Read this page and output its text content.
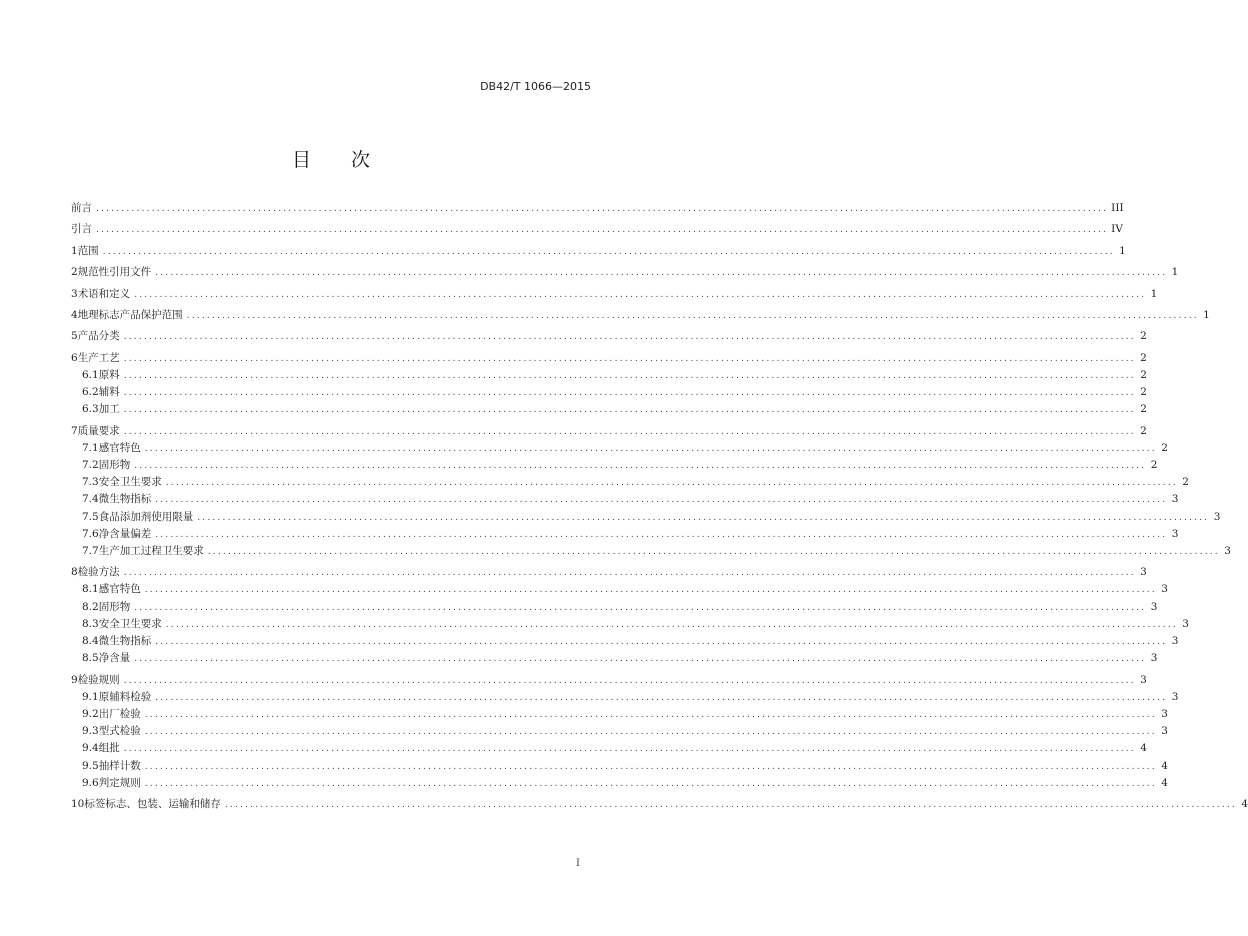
DB42/T 1066—2015
目次
前言 ........................................................................................................................................................................................................ III
引言 ........................................................................................................................................................................................................ IV
1 范围 ........................................................................................................................................................................................................ 1
2 规范性引用文件 ........................................................................................................................................................................................................ 1
3 术语和定义 ........................................................................................................................................................................................................ 1
4 地理标志产品保护范围 ........................................................................................................................................................................................................ 1
5 产品分类 ........................................................................................................................................................................................................ 2
6 生产工艺 ........................................................................................................................................................................................................ 2
6.1 原料 ........................................................................................................................................................................................................ 2
6.2 辅料 ........................................................................................................................................................................................................ 2
6.3 加工 ........................................................................................................................................................................................................ 2
7 质量要求 ........................................................................................................................................................................................................ 2
7.1 感官特色 ........................................................................................................................................................................................................ 2
7.2 固形物 ........................................................................................................................................................................................................ 2
7.3 安全卫生要求 ........................................................................................................................................................................................................ 2
7.4 微生物指标 ........................................................................................................................................................................................................ 3
7.5 食品添加剂使用限量 ........................................................................................................................................................................................................ 3
7.6 净含量偏差 ........................................................................................................................................................................................................ 3
7.7 生产加工过程卫生要求 ........................................................................................................................................................................................................ 3
8 检验方法 ........................................................................................................................................................................................................ 3
8.1 感官特色 ........................................................................................................................................................................................................ 3
8.2 固形物 ........................................................................................................................................................................................................ 3
8.3 安全卫生要求 ........................................................................................................................................................................................................ 3
8.4 微生物指标 ........................................................................................................................................................................................................ 3
8.5 净含量 ........................................................................................................................................................................................................ 3
9 检验规则 ........................................................................................................................................................................................................ 3
9.1 原辅料检验 ........................................................................................................................................................................................................ 3
9.2 出厂检验 ........................................................................................................................................................................................................ 3
9.3 型式检验 ........................................................................................................................................................................................................ 3
9.4 组批 ........................................................................................................................................................................................................ 4
9.5 抽样计数 ........................................................................................................................................................................................................ 4
9.6 判定规则 ........................................................................................................................................................................................................ 4
10 标签标志、包装、运输和储存 ........................................................................................................................................................................................................ 4
I
